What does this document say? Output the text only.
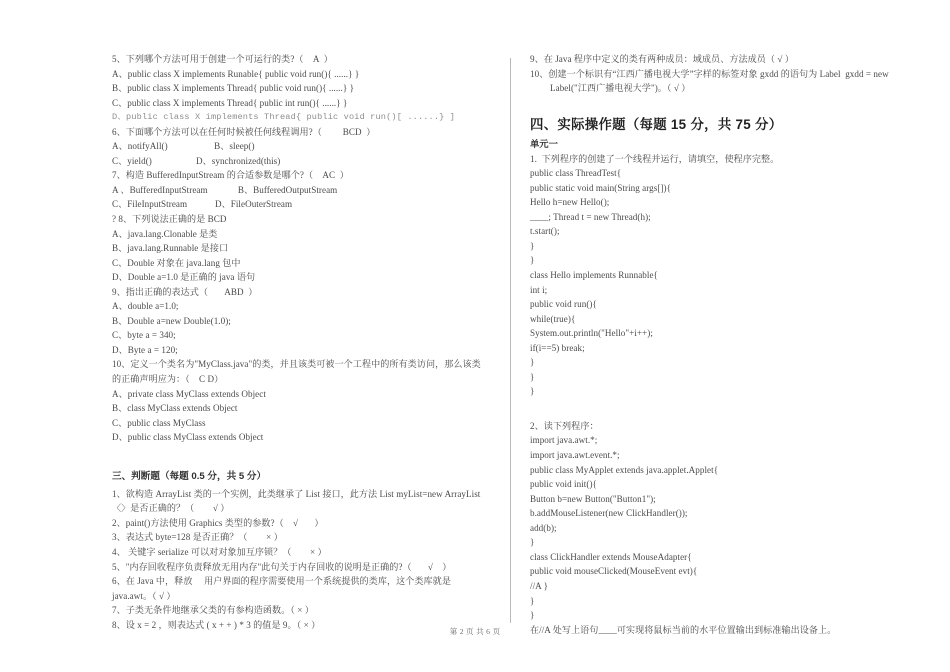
5、下列哪个方法可用于创建一个可运行的类?（    A  ）
A、public class X implements Runable{ public void run(){ ......} }
B、public class X implements Thread{ public void run(){ ......} }
C、public class X implements Thread{ public int run(){ ......} }
D、public class X implements Thread{ public void run()[ ......} ]
6、下面哪个方法可以在任何时候被任何线程调用?（         BCD  ）
A、notifyAll()                    B、sleep()
C、yield()                   D、synchronized(this)
7、构造 BufferedInputStream 的合适参数是哪个?（    AC  ）
A 、BufferedInputStream             B、BufferedOutputStream
C、FileInputStream            D、FileOuterStream
? 8、下列说法正确的是 BCD
A、java.lang.Clonable 是类
B、java.lang.Runnable 是接口
C、Double 对象在 java.lang 包中
D、Double a=1.0 是正确的 java 语句
9、指出正确的表达式（       ABD  ）
A、double a=1.0;
B、Double a=new Double(1.0);
C、byte a = 340;
D、Byte a = 120;
10、定义一个类名为"MyClass.java"的类，并且该类可被一个工程中的所有类访问，那么该类的正确声明应为：（    C D）
A、private class MyClass extends Object
B、class MyClass extends Object
C、public class MyClass
D、public class MyClass extends Object
三、判断题（每题 0.5 分，共 5 分）
1、欲构造 ArrayList 类的一个实例，此类继承了 List 接口，此方法 List myList=new ArrayList〈〉是否正确的？（        √ ）
2、paint()方法使用 Graphics 类型的参数?（    √       ）
3、表达式 byte=128 是否正确？（        × ）
4、 关键字 serialize 可以对对象加互序锁？（        × ）
5、"内存回收程序负责释放无用内存"此句关于内存回收的说明是正确的?（       √    ）
6、在 Java 中，释放     用户界面的程序需要使用一个系统提供的类库，这个类库就是 java.awt。（ √ ）
7、子类无条件地继承父类的有参构造函数。（ × ）
8、设 x = 2 ，则表达式 ( x + + ) * 3 的值是 9。（ × ）
9、在 Java 程序中定义的类有两种成员：域成员、方法成员（ √ ）
10、创建一个标识有“江西广播电视大学”字样的标签对象 gxdd 的语句为 Label  gxdd = new
Label("江西广播电视大学")。（ √ ）
四、实际操作题（每题 15 分，共 75 分）
单元一
1.  下列程序的创建了一个线程并运行，请填空，使程序完整。
public class ThreadTest{
public static void main(String args[]){
Hello h=new Hello();
____; Thread t = new Thread(h);
t.start();
}
}
class Hello implements Runnable{
int i;
public void run(){
while(true){
System.out.println("Hello"+i++);
if(i==5) break;
}
}
}
2、读下列程序：
import java.awt.*;
import java.awt.event.*;
public class MyApplet extends java.applet.Applet{
public void init(){
Button b=new Button("Button1");
b.addMouseListener(new ClickHandler());
add(b);
}
class ClickHandler extends MouseAdapter{
public void mouseClicked(MouseEvent evt){
//A }
}
}
在//A 处写上语句____可实现将鼠标当前的水平位置输出到标准输出设备上。
第 2 页 共 6 页
